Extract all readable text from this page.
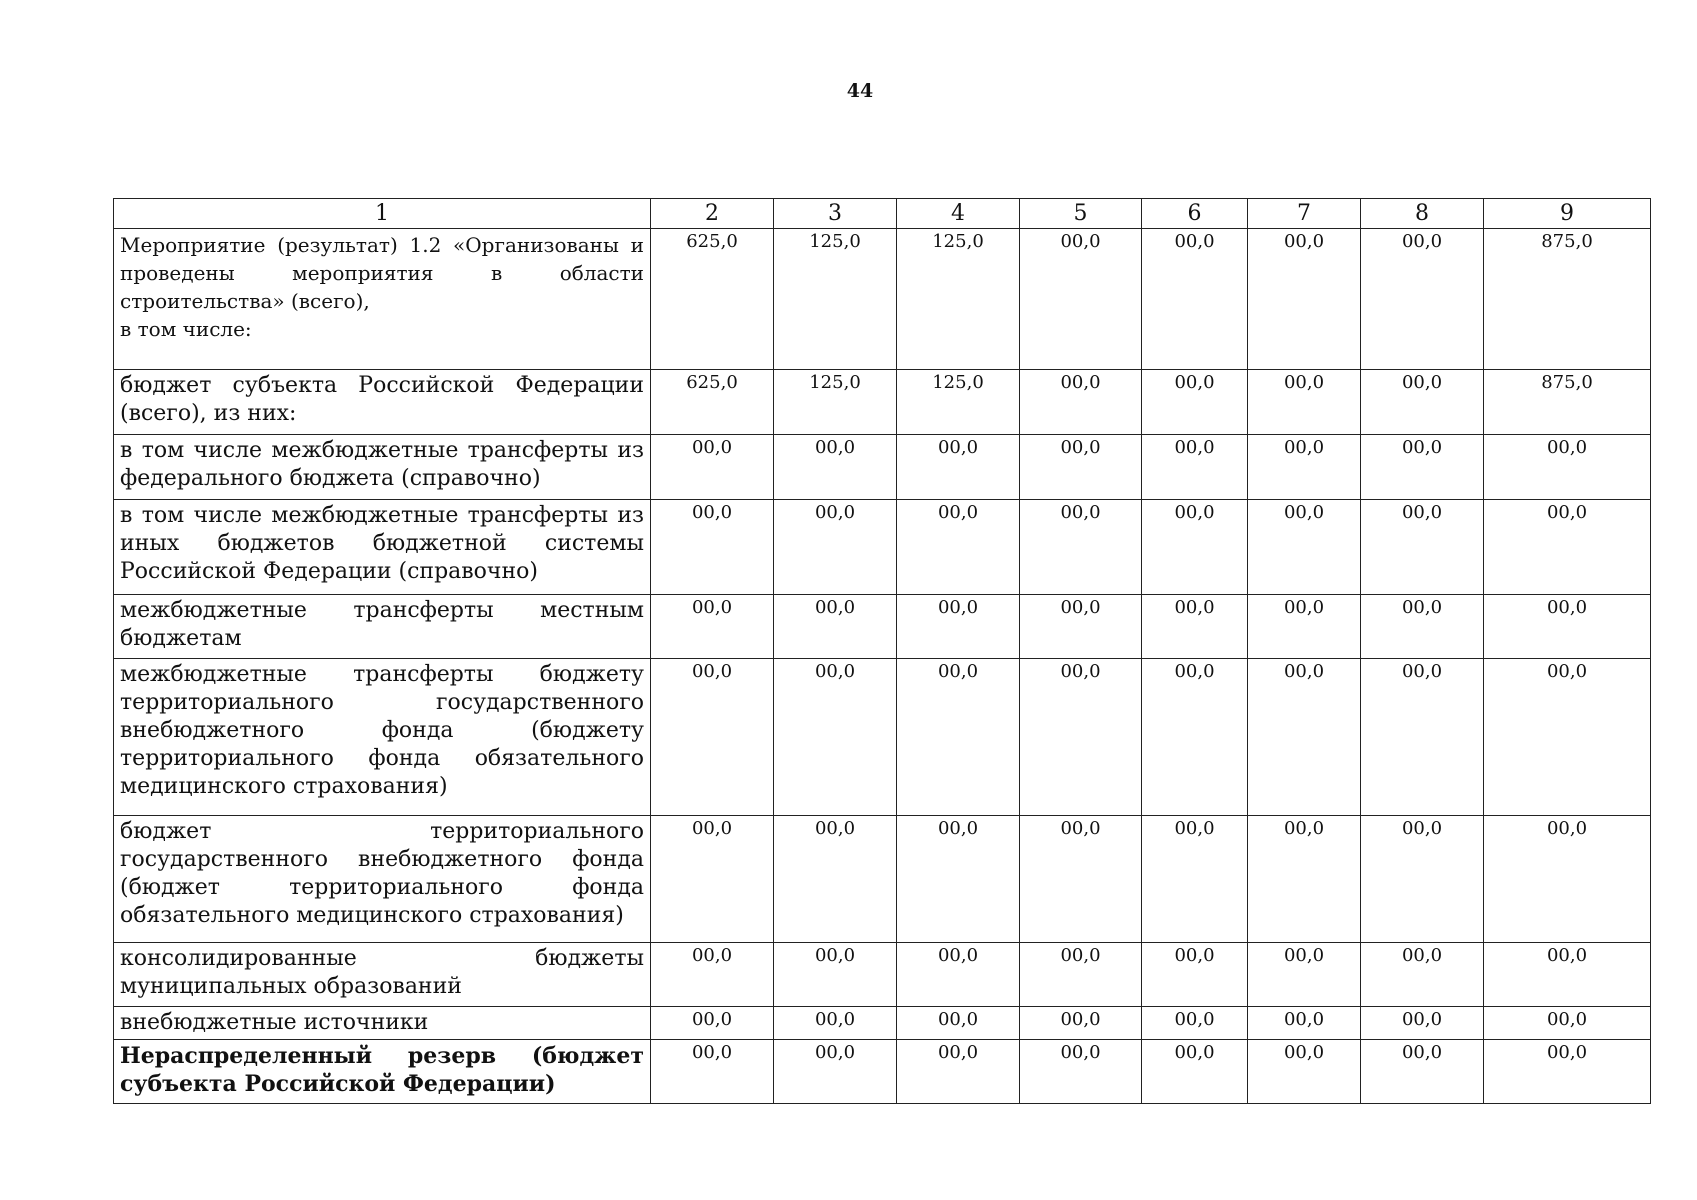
44
1	2	3	4	5	6	7	8	9
Мероприятие (результат) 1.2 «Организованы и проведены мероприятия в области строительства» (всего),
в том числе:	625,0	125,0	125,0	00,0	00,0	00,0	00,0	875,0
бюджет субъекта Российской Федерации (всего), из них:	625,0	125,0	125,0	00,0	00,0	00,0	00,0	875,0
в том числе межбюджетные трансферты из федерального бюджета (справочно)	00,0	00,0	00,0	00,0	00,0	00,0	00,0	00,0
в том числе межбюджетные трансферты из иных бюджетов бюджетной системы Российской Федерации (справочно)	00,0	00,0	00,0	00,0	00,0	00,0	00,0	00,0
межбюджетные трансферты местным бюджетам	00,0	00,0	00,0	00,0	00,0	00,0	00,0	00,0
межбюджетные трансферты бюджету территориального государственного внебюджетного фонда (бюджету территориального фонда обязательного медицинского страхования)	00,0	00,0	00,0	00,0	00,0	00,0	00,0	00,0
бюджет территориального государственного внебюджетного фонда (бюджет территориального фонда обязательного медицинского страхования)	00,0	00,0	00,0	00,0	00,0	00,0	00,0	00,0
консолидированные бюджеты муниципальных образований	00,0	00,0	00,0	00,0	00,0	00,0	00,0	00,0
внебюджетные источники	00,0	00,0	00,0	00,0	00,0	00,0	00,0	00,0
Нераспределенный резерв (бюджет субъекта Российской Федерации)	00,0	00,0	00,0	00,0	00,0	00,0	00,0	00,0
